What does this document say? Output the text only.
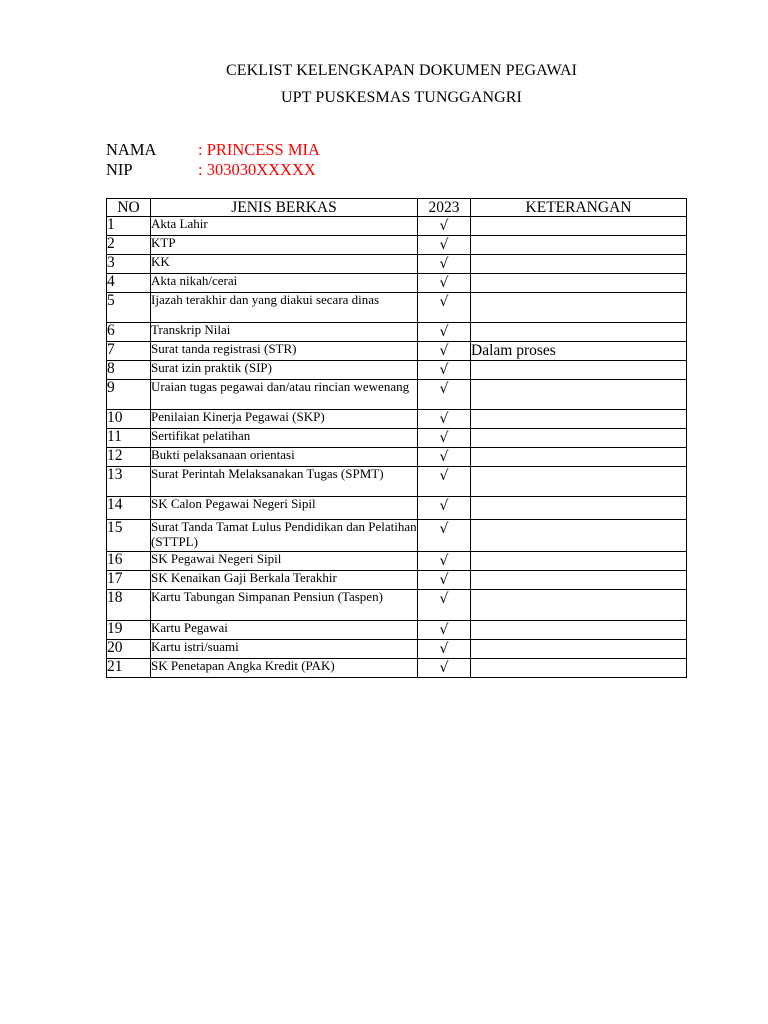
CEKLIST KELENGKAPAN DOKUMEN PEGAWAI
UPT PUSKESMAS TUNGGANGRI
NAMA	: PRINCESS MIA
NIP	: 303030XXXXX
NO	JENIS BERKAS	2023	KETERANGAN
1	Akta Lahir	√	
2	KTP	√	
3	KK	√	
4	Akta nikah/cerai	√	
5	Ijazah terakhir dan yang diakui secara dinas	√	
6	Transkrip Nilai	√	
7	Surat tanda registrasi (STR)	√	Dalam proses
8	Surat izin praktik (SIP)	√	
9	Uraian tugas pegawai dan/atau rincian wewenang	√	
10	Penilaian Kinerja Pegawai (SKP)	√	
11	Sertifikat pelatihan	√	
12	Bukti pelaksanaan orientasi	√	
13	Surat Perintah Melaksanakan Tugas (SPMT)	√	
14	SK Calon Pegawai Negeri Sipil	√	
15	Surat Tanda Tamat Lulus Pendidikan dan Pelatihan (STTPL)	√	
16	SK Pegawai Negeri Sipil	√	
17	SK Kenaikan Gaji Berkala Terakhir	√	
18	Kartu Tabungan Simpanan Pensiun (Taspen)	√	
19	Kartu Pegawai	√	
20	Kartu istri/suami	√	
21	SK Penetapan Angka Kredit (PAK)	√	
